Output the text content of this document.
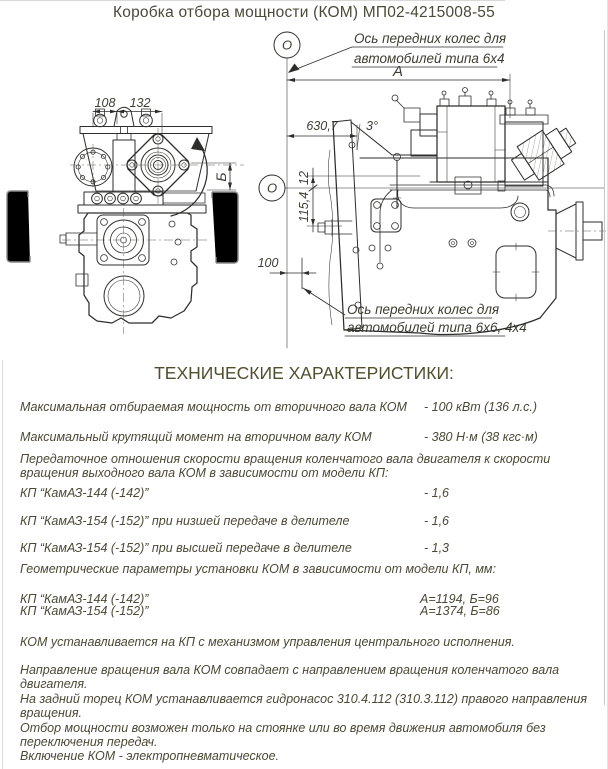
Коробка отбора мощности (КОМ) МП02-4215008-55
108 132
Б
О
О
Ось передних колес для
автомобилей типа 6х4
А
630,7 3°
12
115,4
100
Ось передних колес для
автомобилей типа 6х6, 4х4
ТЕХНИЧЕСКИЕ ХАРАКТЕРИСТИКИ:
Максимальная отбираемая мощность от вторичного вала КОМ	- 100 кВт (136 л.с.)
Максимальный крутящий момент на вторичном валу КОМ	- 380 Н·м (38 кгс·м)
Передаточное отношения скорости вращения коленчатого вала двигателя к скорости вращения выходного вала КОМ в зависимости от модели КП:
КП “КамАЗ-144 (-142)”	- 1,6
КП “КамАЗ-154 (-152)” при низшей передаче в делителе	- 1,6
КП “КамАЗ-154 (-152)” при высшей передаче в делителе	- 1,3
Геометрические параметры установки КОМ в зависимости от модели КП, мм:
КП “КамАЗ-144 (-142)”	А=1194, Б=96
КП “КамАЗ-154 (-152)”	А=1374, Б=86
КОМ устанавливается на КП с механизмом управления центрального исполнения.
Направление вращения вала КОМ совпадает с направлением вращения коленчатого вала двигателя.
На задний торец КОМ устанавливается гидронасос 310.4.112 (310.3.112) правого направления вращения.
Отбор мощности возможен только на стоянке или во время движения автомобиля без переключения передач.
Включение КОМ - электропневматическое.
